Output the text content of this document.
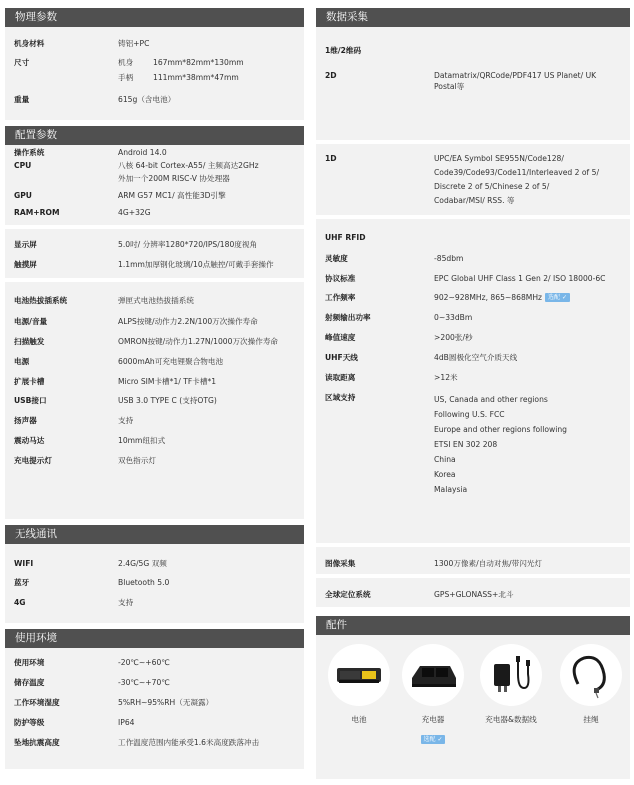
物理参数
机身材料	铸铝+PC
尺寸	机身	167mm*82mm*130mm
手柄	111mm*38mm*47mm
重量	615g（含电池）
配置参数
操作系统	Android 14.0
CPU	八核 64-bit Cortex-A55/ 主频高达2GHz
外加一个200M RISC-V 协处理器
GPU	ARM G57 MC1/ 高性能3D引擎
RAM+ROM	4G+32G
显示屏	5.0吋/ 分辨率1280*720/IPS/180度视角
触摸屏	1.1mm加厚钢化玻璃/10点触控/可戴手套操作
电池热拔插系统	弹匣式电池热拔插系统
电源/音量	ALPS按键/动作力2.2N/100万次操作寿命
扫描触发	OMRON按键/动作力1.27N/1000万次操作寿命
电源	6000mAh可充电锂聚合物电池
扩展卡槽	Micro SIM卡槽*1/ TF卡槽*1
USB接口	USB 3.0 TYPE C (支持OTG)
扬声器	支持
震动马达	10mm纽扣式
充电提示灯	双色指示灯
无线通讯
WIFI	2.4G/5G 双频
蓝牙	Bluetooth 5.0
4G	支持
使用环境
使用环境	-20℃~+60℃
储存温度	-30℃~+70℃
工作环境湿度	5%RH~95%RH（无凝露）
防护等级	IP64
坠地抗震高度	工作温度范围内能承受1.6米高度跌落冲击
数据采集
1维/2维码
2D	Datamatrix/QRCode/PDF417 US Planet/ UK Postal等
1D	UPC/EA Symbol SE955N/Code128/
Code39/Code93/Code11/Interleaved 2 of 5/
Discrete 2 of 5/Chinese 2 of 5/
Codabar/MSI/ RSS. 等
UHF RFID
灵敏度	-85dbm
协议标准	EPC Global UHF Class 1 Gen 2/ ISO 18000-6C
工作频率	902~928MHz, 865~868MHz 选配 ✓
射频输出功率	0~33dBm
峰值速度	>200张/秒
UHF天线	4dB圆极化空气介质天线
读取距离	>12米
区域支持	US, Canada and other regions
Following U.S. FCC
Europe and other regions following
ETSI EN 302 208
China
Korea
Malaysia
图像采集	1300万像素/自动对焦/带闪光灯
全球定位系统	GPS+GLONASS+北斗
配件
电池	充电器
选配 ✓
充电器&数据线	挂绳
